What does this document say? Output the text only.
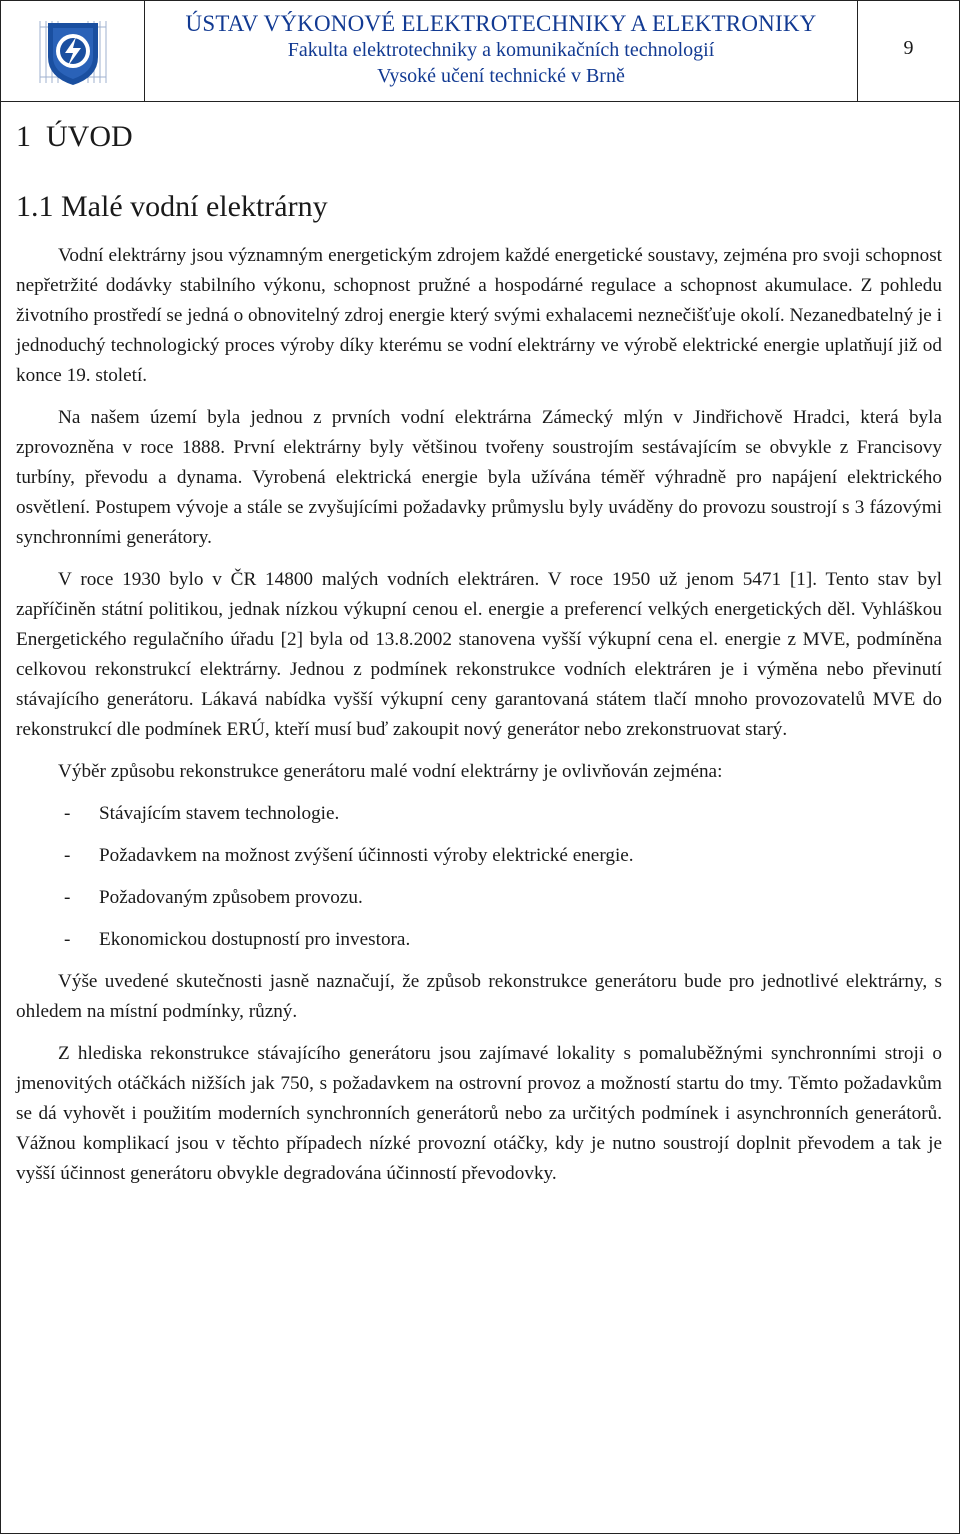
ÚSTAV VÝKONOVÉ ELEKTROTECHNIKY A ELEKTRONIKY
Fakulta elektrotechniky a komunikačních technologií
Vysoké učení technické v Brně
9
1 ÚVOD
1.1 Malé vodní elektrárny

Vodní elektrárny jsou významným energetickým zdrojem každé energetické soustavy, zejména pro svoji schopnost nepřetržité dodávky stabilního výkonu, schopnost pružné a hospodárné regulace a schopnost akumulace. Z pohledu životního prostředí se jedná o obnovitelný zdroj energie který svými exhalacemi neznečišťuje okolí. Nezanedbatelný je i jednoduchý technologický proces výroby díky kterému se vodní elektrárny ve výrobě elektrické energie uplatňují již od konce 19. století.

Na našem území byla jednou z prvních vodní elektrárna Zámecký mlýn v Jindřichově Hradci, která byla zprovozněna v roce 1888. První elektrárny byly většinou tvořeny soustrojím sestávajícím se obvykle z Francisovy turbíny, převodu a dynama. Vyrobená elektrická energie byla užívána téměř výhradně pro napájení elektrického osvětlení. Postupem vývoje a stále se zvyšujícími požadavky průmyslu byly uváděny do provozu soustrojí s 3 fázovými synchronními generátory.

V roce 1930 bylo v ČR 14800 malých vodních elektráren. V roce 1950 už jenom 5471 [1]. Tento stav byl zapříčiněn státní politikou, jednak nízkou výkupní cenou el. energie a preferencí velkých energetických děl. Vyhláškou Energetického regulačního úřadu [2] byla od 13.8.2002 stanovena vyšší výkupní cena el. energie z MVE, podmíněna celkovou rekonstrukcí elektrárny. Jednou z podmínek rekonstrukce vodních elektráren je i výměna nebo převinutí stávajícího generátoru. Lákavá nabídka vyšší výkupní ceny garantovaná státem tlačí mnoho provozovatelů MVE do rekonstrukcí dle podmínek ERÚ, kteří musí buď zakoupit nový generátor nebo zrekonstruovat starý.

Výběr způsobu rekonstrukce generátoru malé vodní elektrárny je ovlivňován zejména:

-	Stávajícím stavem technologie.
-	Požadavkem na možnost zvýšení účinnosti výroby elektrické energie.
-	Požadovaným způsobem provozu.
-	Ekonomickou dostupností pro investora.

Výše uvedené skutečnosti jasně naznačují, že způsob rekonstrukce generátoru bude pro jednotlivé elektrárny, s ohledem na místní podmínky, různý.

Z hlediska rekonstrukce stávajícího generátoru jsou zajímavé lokality s pomaluběžnými synchronními stroji o jmenovitých otáčkách nižších jak 750, s požadavkem na ostrovní provoz a možností startu do tmy. Těmto požadavkům se dá vyhovět i použitím moderních synchronních generátorů nebo za určitých podmínek i asynchronních generátorů. Vážnou komplikací jsou v těchto případech nízké provozní otáčky, kdy je nutno soustrojí doplnit převodem a tak je vyšší účinnost generátoru obvykle degradována účinností převodovky.
